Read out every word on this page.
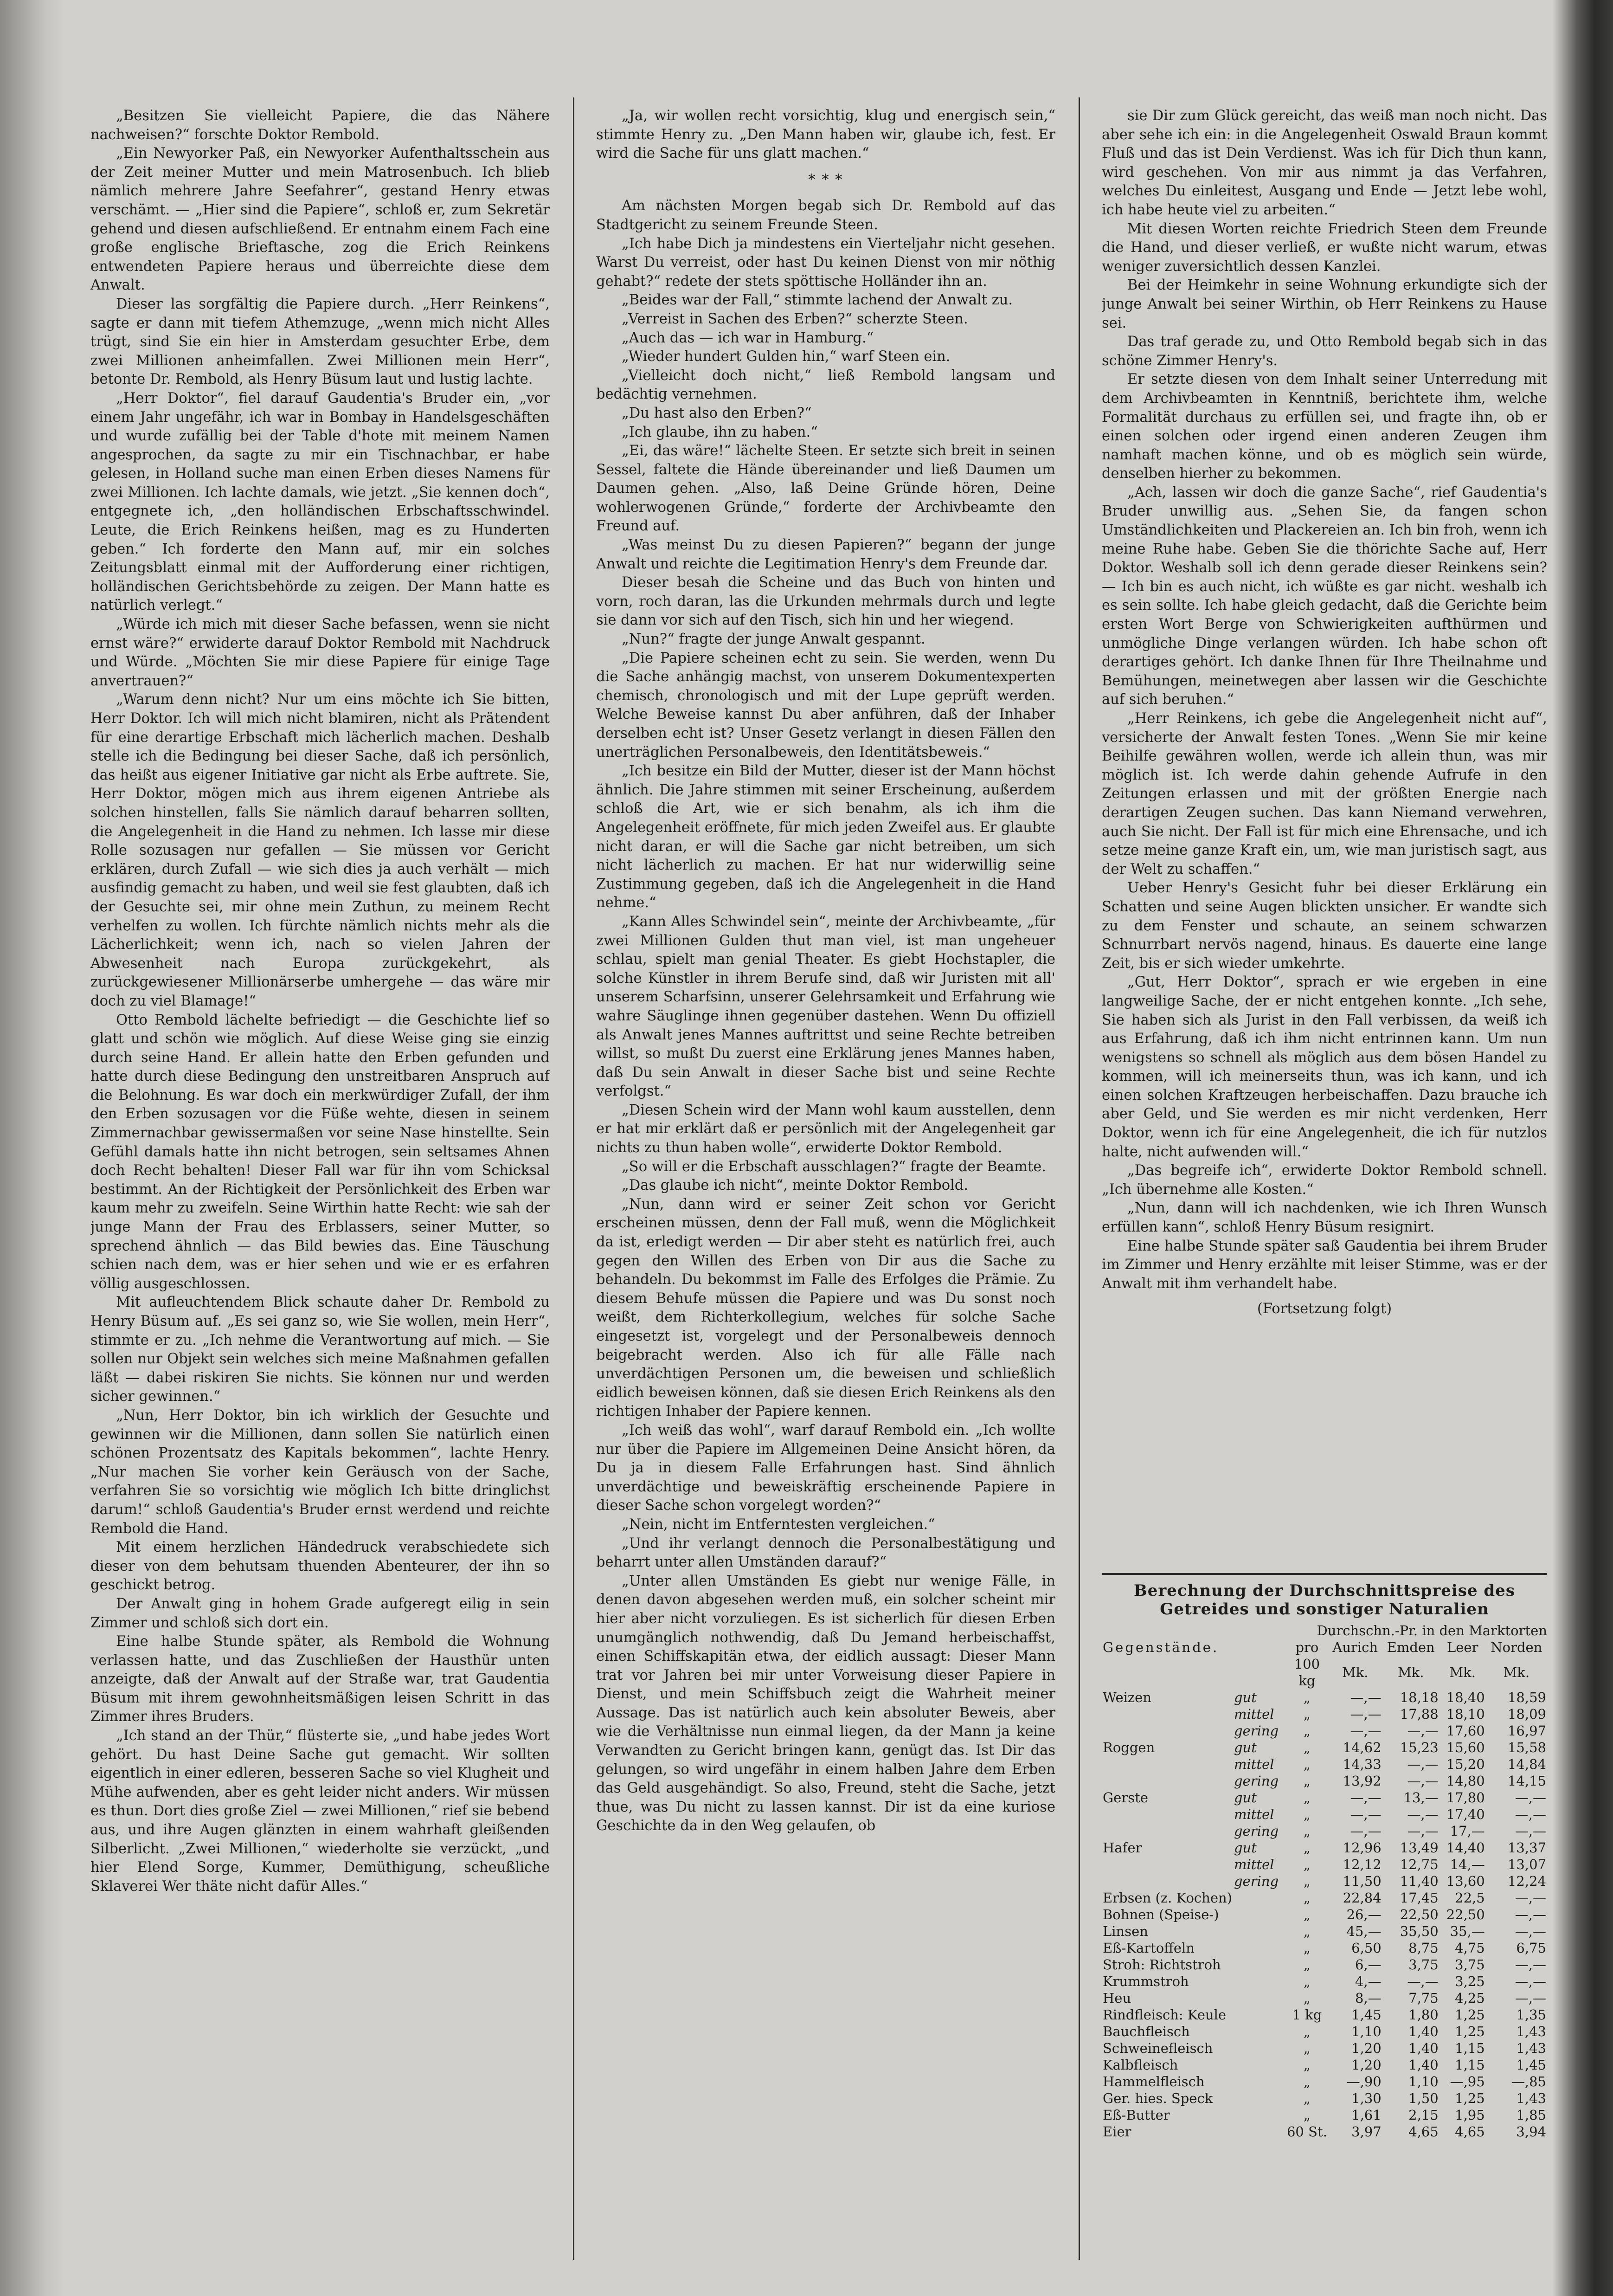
„Besitzen Sie vielleicht Papiere, die das Nähere nachweisen?“ forschte Doktor Rembold.

„Ein Newyorker Paß, ein Newyorker Aufenthaltsschein aus der Zeit meiner Mutter und mein Matrosenbuch. Ich blieb nämlich mehrere Jahre Seefahrer“, gestand Henry etwas verschämt. — „Hier sind die Papiere“, schloß er, zum Sekretär gehend und diesen aufschließend. Er entnahm einem Fach eine große englische Brieftasche, zog die Erich Reinkens entwendeten Papiere heraus und überreichte diese dem Anwalt.

Dieser las sorgfältig die Papiere durch. „Herr Reinkens“, sagte er dann mit tiefem Athemzuge, „wenn mich nicht Alles trügt, sind Sie ein hier in Amsterdam gesuchter Erbe, dem zwei Millionen anheimfallen. Zwei Millionen mein Herr“, betonte Dr. Rembold, als Henry Büsum laut und lustig lachte.

„Herr Doktor“, fiel darauf Gaudentia's Bruder ein, „vor einem Jahr ungefähr, ich war in Bombay in Handelsgeschäften und wurde zufällig bei der Table d'hote mit meinem Namen angesprochen, da sagte zu mir ein Tischnachbar, er habe gelesen, in Holland suche man einen Erben dieses Namens für zwei Millionen. Ich lachte damals, wie jetzt. „Sie kennen doch“, entgegnete ich, „den holländischen Erbschaftsschwindel. Leute, die Erich Reinkens heißen, mag es zu Hunderten geben.“ Ich forderte den Mann auf, mir ein solches Zeitungsblatt einmal mit der Aufforderung einer richtigen, holländischen Gerichtsbehörde zu zeigen. Der Mann hatte es natürlich verlegt.“

„Würde ich mich mit dieser Sache befassen, wenn sie nicht ernst wäre?“ erwiderte darauf Doktor Rembold mit Nachdruck und Würde. „Möchten Sie mir diese Papiere für einige Tage anvertrauen?“

„Warum denn nicht? Nur um eins möchte ich Sie bitten, Herr Doktor. Ich will mich nicht blamiren, nicht als Prätendent für eine derartige Erbschaft mich lächerlich machen. Deshalb stelle ich die Bedingung bei dieser Sache, daß ich persönlich, das heißt aus eigener Initiative gar nicht als Erbe auftrete. Sie, Herr Doktor, mögen mich aus ihrem eigenen Antriebe als solchen hinstellen, falls Sie nämlich darauf beharren sollten, die Angelegenheit in die Hand zu nehmen. Ich lasse mir diese Rolle sozusagen nur gefallen — Sie müssen vor Gericht erklären, durch Zufall — wie sich dies ja auch verhält — mich ausfindig gemacht zu haben, und weil sie fest glaubten, daß ich der Gesuchte sei, mir ohne mein Zuthun, zu meinem Recht verhelfen zu wollen. Ich fürchte nämlich nichts mehr als die Lächerlichkeit; wenn ich, nach so vielen Jahren der Abwesenheit nach Europa zurückgekehrt, als zurückgewiesener Millionärserbe umhergehe — das wäre mir doch zu viel Blamage!“

Otto Rembold lächelte befriedigt — die Geschichte lief so glatt und schön wie möglich. Auf diese Weise ging sie einzig durch seine Hand. Er allein hatte den Erben gefunden und hatte durch diese Bedingung den unstreitbaren Anspruch auf die Belohnung. Es war doch ein merkwürdiger Zufall, der ihm den Erben sozusagen vor die Füße wehte, diesen in seinem Zimmernachbar gewissermaßen vor seine Nase hinstellte. Sein Gefühl damals hatte ihn nicht betrogen, sein seltsames Ahnen doch Recht behalten! Dieser Fall war für ihn vom Schicksal bestimmt. An der Richtigkeit der Persönlichkeit des Erben war kaum mehr zu zweifeln. Seine Wirthin hatte Recht: wie sah der junge Mann der Frau des Erblassers, seiner Mutter, so sprechend ähnlich — das Bild bewies das. Eine Täuschung schien nach dem, was er hier sehen und wie er es erfahren völlig ausgeschlossen.

Mit aufleuchtendem Blick schaute daher Dr. Rembold zu Henry Büsum auf. „Es sei ganz so, wie Sie wollen, mein Herr“, stimmte er zu. „Ich nehme die Verantwortung auf mich. — Sie sollen nur Objekt sein welches sich meine Maßnahmen gefallen läßt — dabei riskiren Sie nichts. Sie können nur und werden sicher gewinnen.“

„Nun, Herr Doktor, bin ich wirklich der Gesuchte und gewinnen wir die Millionen, dann sollen Sie natürlich einen schönen Prozentsatz des Kapitals bekommen“, lachte Henry. „Nur machen Sie vorher kein Geräusch von der Sache, verfahren Sie so vorsichtig wie möglich Ich bitte dringlichst darum!“ schloß Gaudentia's Bruder ernst werdend und reichte Rembold die Hand.

Mit einem herzlichen Händedruck verabschiedete sich dieser von dem behutsam thuenden Abenteurer, der ihn so geschickt betrog.

Der Anwalt ging in hohem Grade aufgeregt eilig in sein Zimmer und schloß sich dort ein.

Eine halbe Stunde später, als Rembold die Wohnung verlassen hatte, und das Zuschließen der Hausthür unten anzeigte, daß der Anwalt auf der Straße war, trat Gaudentia Büsum mit ihrem gewohnheitsmäßigen leisen Schritt in das Zimmer ihres Bruders.

„Ich stand an der Thür,“ flüsterte sie, „und habe jedes Wort gehört. Du hast Deine Sache gut gemacht. Wir sollten eigentlich in einer edleren, besseren Sache so viel Klugheit und Mühe aufwenden, aber es geht leider nicht anders. Wir müssen es thun. Dort dies große Ziel — zwei Millionen,“ rief sie bebend aus, und ihre Augen glänzten in einem wahrhaft gleißenden Silberlicht. „Zwei Millionen,“ wiederholte sie verzückt, „und hier Elend Sorge, Kummer, Demüthigung, scheußliche Sklaverei Wer thäte nicht dafür Alles.“

„Ja, wir wollen recht vorsichtig, klug und energisch sein,“ stimmte Henry zu. „Den Mann haben wir, glaube ich, fest. Er wird die Sache für uns glatt machen.“

* * *

Am nächsten Morgen begab sich Dr. Rembold auf das Stadtgericht zu seinem Freunde Steen.

„Ich habe Dich ja mindestens ein Vierteljahr nicht gesehen. Warst Du verreist, oder hast Du keinen Dienst von mir nöthig gehabt?“ redete der stets spöttische Holländer ihn an.

„Beides war der Fall,“ stimmte lachend der Anwalt zu.

„Verreist in Sachen des Erben?“ scherzte Steen.

„Auch das — ich war in Hamburg.“

„Wieder hundert Gulden hin,“ warf Steen ein.

„Vielleicht doch nicht,“ ließ Rembold langsam und bedächtig vernehmen.

„Du hast also den Erben?“

„Ich glaube, ihn zu haben.“

„Ei, das wäre!“ lächelte Steen. Er setzte sich breit in seinen Sessel, faltete die Hände übereinander und ließ Daumen um Daumen gehen. „Also, laß Deine Gründe hören, Deine wohlerwogenen Gründe,“ forderte der Archivbeamte den Freund auf.

„Was meinst Du zu diesen Papieren?“ begann der junge Anwalt und reichte die Legitimation Henry's dem Freunde dar.

Dieser besah die Scheine und das Buch von hinten und vorn, roch daran, las die Urkunden mehrmals durch und legte sie dann vor sich auf den Tisch, sich hin und her wiegend.

„Nun?“ fragte der junge Anwalt gespannt.

„Die Papiere scheinen echt zu sein. Sie werden, wenn Du die Sache anhängig machst, von unserem Dokumentexperten chemisch, chronologisch und mit der Lupe geprüft werden. Welche Beweise kannst Du aber anführen, daß der Inhaber derselben echt ist? Unser Gesetz verlangt in diesen Fällen den unerträglichen Personalbeweis, den Identitätsbeweis.“

„Ich besitze ein Bild der Mutter, dieser ist der Mann höchst ähnlich. Die Jahre stimmen mit seiner Erscheinung, außerdem schloß die Art, wie er sich benahm, als ich ihm die Angelegenheit eröffnete, für mich jeden Zweifel aus. Er glaubte nicht daran, er will die Sache gar nicht betreiben, um sich nicht lächerlich zu machen. Er hat nur widerwillig seine Zustimmung gegeben, daß ich die Angelegenheit in die Hand nehme.“

„Kann Alles Schwindel sein“, meinte der Archivbeamte, „für zwei Millionen Gulden thut man viel, ist man ungeheuer schlau, spielt man genial Theater. Es giebt Hochstapler, die solche Künstler in ihrem Berufe sind, daß wir Juristen mit all' unserem Scharfsinn, unserer Gelehrsamkeit und Erfahrung wie wahre Säuglinge ihnen gegenüber dastehen. Wenn Du offiziell als Anwalt jenes Mannes auftrittst und seine Rechte betreiben willst, so mußt Du zuerst eine Erklärung jenes Mannes haben, daß Du sein Anwalt in dieser Sache bist und seine Rechte verfolgst.“

„Diesen Schein wird der Mann wohl kaum ausstellen, denn er hat mir erklärt daß er persönlich mit der Angelegenheit gar nichts zu thun haben wolle“, erwiderte Doktor Rembold.

„So will er die Erbschaft ausschlagen?“ fragte der Beamte.

„Das glaube ich nicht“, meinte Doktor Rembold.

„Nun, dann wird er seiner Zeit schon vor Gericht erscheinen müssen, denn der Fall muß, wenn die Möglichkeit da ist, erledigt werden — Dir aber steht es natürlich frei, auch gegen den Willen des Erben von Dir aus die Sache zu behandeln. Du bekommst im Falle des Erfolges die Prämie. Zu diesem Behufe müssen die Papiere und was Du sonst noch weißt, dem Richterkollegium, welches für solche Sache eingesetzt ist, vorgelegt und der Personalbeweis dennoch beigebracht werden. Also ich für alle Fälle nach unverdächtigen Personen um, die beweisen und schließlich eidlich beweisen können, daß sie diesen Erich Reinkens als den richtigen Inhaber der Papiere kennen.

„Ich weiß das wohl“, warf darauf Rembold ein. „Ich wollte nur über die Papiere im Allgemeinen Deine Ansicht hören, da Du ja in diesem Falle Erfahrungen hast. Sind ähnlich unverdächtige und beweiskräftig erscheinende Papiere in dieser Sache schon vorgelegt worden?“

„Nein, nicht im Entferntesten vergleichen.“

„Und ihr verlangt dennoch die Personalbestätigung und beharrt unter allen Umständen darauf?“

„Unter allen Umständen Es giebt nur wenige Fälle, in denen davon abgesehen werden muß, ein solcher scheint mir hier aber nicht vorzuliegen. Es ist sicherlich für diesen Erben unumgänglich nothwendig, daß Du Jemand herbeischaffst, einen Schiffskapitän etwa, der eidlich aussagt: Dieser Mann trat vor Jahren bei mir unter Vorweisung dieser Papiere in Dienst, und mein Schiffsbuch zeigt die Wahrheit meiner Aussage. Das ist natürlich auch kein absoluter Beweis, aber wie die Verhältnisse nun einmal liegen, da der Mann ja keine Verwandten zu Gericht bringen kann, genügt das. Ist Dir das gelungen, so wird ungefähr in einem halben Jahre dem Erben das Geld ausgehändigt. So also, Freund, steht die Sache, jetzt thue, was Du nicht zu lassen kannst. Dir ist da eine kuriose Geschichte da in den Weg gelaufen, ob

sie Dir zum Glück gereicht, das weiß man noch nicht. Das aber sehe ich ein: in die Angelegenheit Oswald Braun kommt Fluß und das ist Dein Verdienst. Was ich für Dich thun kann, wird geschehen. Von mir aus nimmt ja das Verfahren, welches Du einleitest, Ausgang und Ende — Jetzt lebe wohl, ich habe heute viel zu arbeiten.“

Mit diesen Worten reichte Friedrich Steen dem Freunde die Hand, und dieser verließ, er wußte nicht warum, etwas weniger zuversichtlich dessen Kanzlei.

Bei der Heimkehr in seine Wohnung erkundigte sich der junge Anwalt bei seiner Wirthin, ob Herr Reinkens zu Hause sei.

Das traf gerade zu, und Otto Rembold begab sich in das schöne Zimmer Henry's.

Er setzte diesen von dem Inhalt seiner Unterredung mit dem Archivbeamten in Kenntniß, berichtete ihm, welche Formalität durchaus zu erfüllen sei, und fragte ihn, ob er einen solchen oder irgend einen anderen Zeugen ihm namhaft machen könne, und ob es möglich sein würde, denselben hierher zu bekommen.

„Ach, lassen wir doch die ganze Sache“, rief Gaudentia's Bruder unwillig aus. „Sehen Sie, da fangen schon Umständlichkeiten und Plackereien an. Ich bin froh, wenn ich meine Ruhe habe. Geben Sie die thörichte Sache auf, Herr Doktor. Weshalb soll ich denn gerade dieser Reinkens sein? — Ich bin es auch nicht, ich wüßte es gar nicht. weshalb ich es sein sollte. Ich habe gleich gedacht, daß die Gerichte beim ersten Wort Berge von Schwierigkeiten aufthürmen und unmögliche Dinge verlangen würden. Ich habe schon oft derartiges gehört. Ich danke Ihnen für Ihre Theilnahme und Bemühungen, meinetwegen aber lassen wir die Geschichte auf sich beruhen.“

„Herr Reinkens, ich gebe die Angelegenheit nicht auf“, versicherte der Anwalt festen Tones. „Wenn Sie mir keine Beihilfe gewähren wollen, werde ich allein thun, was mir möglich ist. Ich werde dahin gehende Aufrufe in den Zeitungen erlassen und mit der größten Energie nach derartigen Zeugen suchen. Das kann Niemand verwehren, auch Sie nicht. Der Fall ist für mich eine Ehrensache, und ich setze meine ganze Kraft ein, um, wie man juristisch sagt, aus der Welt zu schaffen.“

Ueber Henry's Gesicht fuhr bei dieser Erklärung ein Schatten und seine Augen blickten unsicher. Er wandte sich zu dem Fenster und schaute, an seinem schwarzen Schnurrbart nervös nagend, hinaus. Es dauerte eine lange Zeit, bis er sich wieder umkehrte.

„Gut, Herr Doktor“, sprach er wie ergeben in eine langweilige Sache, der er nicht entgehen konnte. „Ich sehe, Sie haben sich als Jurist in den Fall verbissen, da weiß ich aus Erfahrung, daß ich ihm nicht entrinnen kann. Um nun wenigstens so schnell als möglich aus dem bösen Handel zu kommen, will ich meinerseits thun, was ich kann, und ich einen solchen Kraftzeugen herbeischaffen. Dazu brauche ich aber Geld, und Sie werden es mir nicht verdenken, Herr Doktor, wenn ich für eine Angelegenheit, die ich für nutzlos halte, nicht aufwenden will.“

„Das begreife ich“, erwiderte Doktor Rembold schnell. „Ich übernehme alle Kosten.“

„Nun, dann will ich nachdenken, wie ich Ihren Wunsch erfüllen kann“, schloß Henry Büsum resignirt.

Eine halbe Stunde später saß Gaudentia bei ihrem Bruder im Zimmer und Henry erzählte mit leiser Stimme, was er der Anwalt mit ihm verhandelt habe.

(Fortsetzung folgt)

Berechnung der Durchschnittspreise des Getreides und sonstiger Naturalien
Durchschn.-Pr. in den Marktorten
Gegenstände.		pro	Aurich	Emden	Leer	Norden
		100 kg	Mk.	Mk.	Mk.	Mk.
Weizen	gut	„	—,—	18,18	18,40	18,59
	mittel	„	—,—	17,88	18,10	18,09
	gering	„	—,—	—,—	17,60	16,97
Roggen	gut	„	14,62	15,23	15,60	15,58
	mittel	„	14,33	—,—	15,20	14,84
	gering	„	13,92	—,—	14,80	14,15
Gerste	gut	„	—,—	13,—	17,80	—,—
	mittel	„	—,—	—,—	17,40	—,—
	gering	„	—,—	—,—	17,—	—,—
Hafer	gut	„	12,96	13,49	14,40	13,37
	mittel	„	12,12	12,75	14,—	13,07
	gering	„	11,50	11,40	13,60	12,24
Erbsen (z. Kochen)		„	22,84	17,45	22,5	—,—
Bohnen (Speise-)		„	26,—	22,50	22,50	—,—
Linsen		„	45,—	35,50	35,—	—,—
Eß-Kartoffeln		„	6,50	8,75	4,75	6,75
Stroh: Richtstroh		„	6,—	3,75	3,75	—,—
Krummstroh		„	4,—	—,—	3,25	—,—
Heu		„	8,—	7,75	4,25	—,—
Rindfleisch: Keule		1 kg	1,45	1,80	1,25	1,35
Bauchfleisch		„	1,10	1,40	1,25	1,43
Schweinefleisch		„	1,20	1,40	1,15	1,43
Kalbfleisch		„	1,20	1,40	1,15	1,45
Hammelfleisch		„	—,90	1,10	—,95	—,85
Ger. hies. Speck		„	1,30	1,50	1,25	1,43
Eß-Butter		„	1,61	2,15	1,95	1,85
Eier		60 St.	3,97	4,65	4,65	3,94
